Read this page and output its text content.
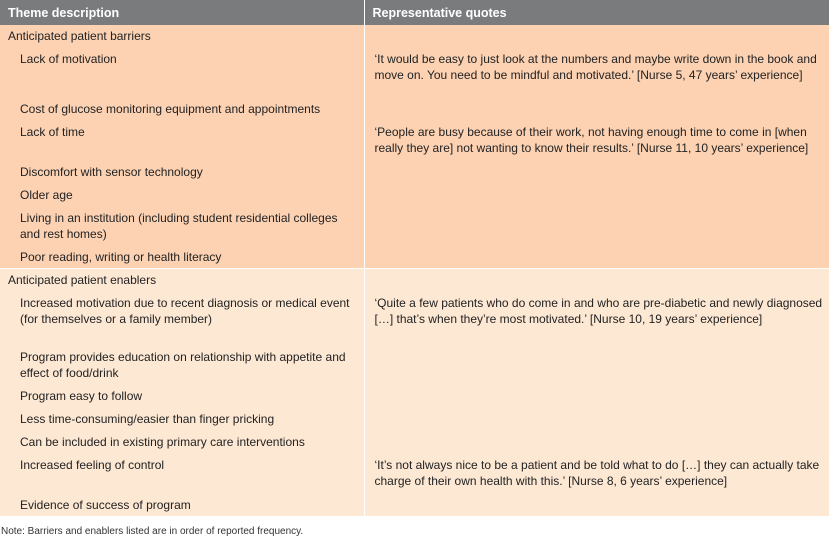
Theme description	Representative quotes
Anticipated patient barriers	
Lack of motivation	‘It would be easy to just look at the numbers and maybe write down in the book and move on. You need to be mindful and motivated.’ [Nurse 5, 47 years’ experience]
Cost of glucose monitoring equipment and appointments	
Lack of time	‘People are busy because of their work, not having enough time to come in [when really they are] not wanting to know their results.’ [Nurse 11, 10 years’ experience]
Discomfort with sensor technology	
Older age	
Living in an institution (including student residential colleges and rest homes)	
Poor reading, writing or health literacy	
Anticipated patient enablers	
Increased motivation due to recent diagnosis or medical event (for themselves or a family member)	‘Quite a few patients who do come in and who are pre-diabetic and newly diagnosed […] that’s when they’re most motivated.’ [Nurse 10, 19 years’ experience]
Program provides education on relationship with appetite and effect of food/drink	
Program easy to follow	
Less time-consuming/easier than finger pricking	
Can be included in existing primary care interventions	
Increased feeling of control	‘It’s not always nice to be a patient and be told what to do […] they can actually take charge of their own health with this.’ [Nurse 8, 6 years’ experience]
Evidence of success of program	
Note: Barriers and enablers listed are in order of reported frequency.
